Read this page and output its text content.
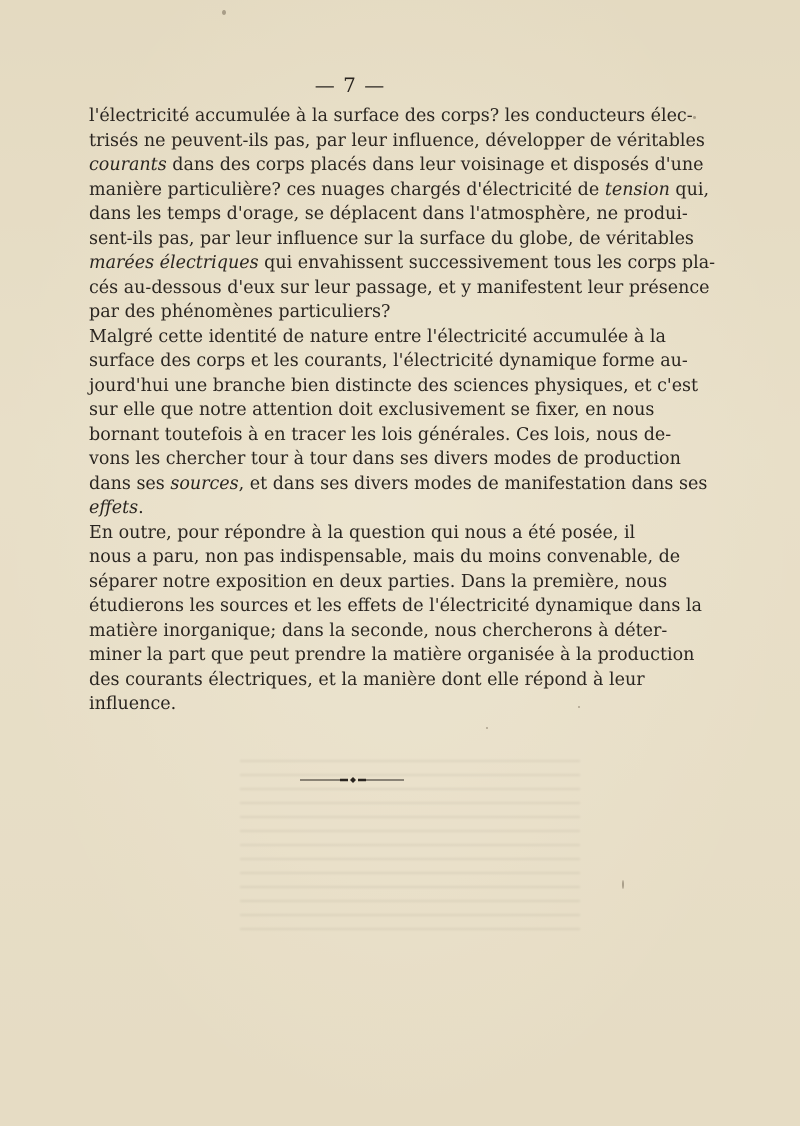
— 7 —
l'électricité accumulée à la surface des corps? les conducteurs élec-
trisés ne peuvent-ils pas, par leur influence, développer de véritables
courants dans des corps placés dans leur voisinage et disposés d'une
manière particulière? ces nuages chargés d'électricité de tension qui,
dans les temps d'orage, se déplacent dans l'atmosphère, ne produi-
sent-ils pas, par leur influence sur la surface du globe, de véritables
marées électriques qui envahissent successivement tous les corps pla-
cés au-dessous d'eux sur leur passage, et y manifestent leur présence
par des phénomènes particuliers?
Malgré cette identité de nature entre l'électricité accumulée à la
surface des corps et les courants, l'électricité dynamique forme au-
jourd'hui une branche bien distincte des sciences physiques, et c'est
sur elle que notre attention doit exclusivement se fixer, en nous
bornant toutefois à en tracer les lois générales. Ces lois, nous de-
vons les chercher tour à tour dans ses divers modes de production
dans ses sources, et dans ses divers modes de manifestation dans ses
effets.
En outre, pour répondre à la question qui nous a été posée, il
nous a paru, non pas indispensable, mais du moins convenable, de
séparer notre exposition en deux parties. Dans la première, nous
étudierons les sources et les effets de l'électricité dynamique dans la
matière inorganique; dans la seconde, nous chercherons à déter-
miner la part que peut prendre la matière organisée à la production
des courants électriques, et la manière dont elle répond à leur
influence.
